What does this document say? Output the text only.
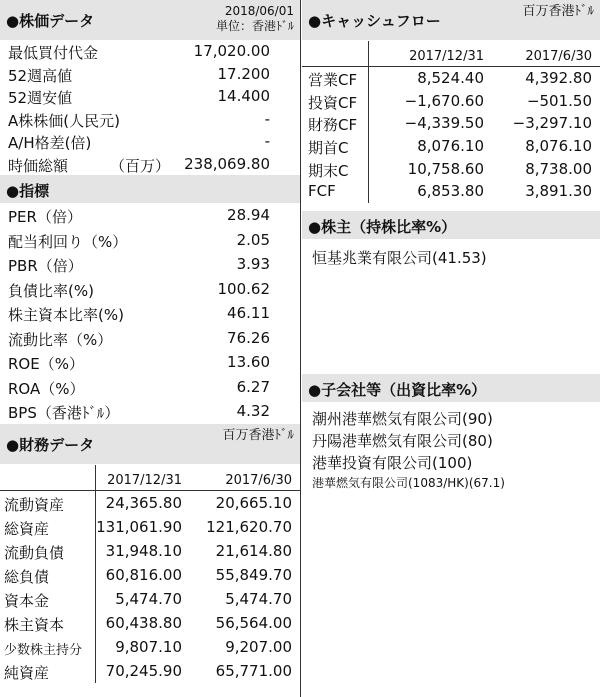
●株価データ
2018/06/01
単位：香港ﾄﾞﾙ
最低買付代金	17,020.00
52週高値	17.200
52週安値	14.400
A株株価(人民元)	-
A/H格差(倍)	-
時価総額	（百万） 238,069.80
●指標
PER（倍）	28.94
配当利回り（%）	2.05
PBR（倍）	3.93
負債比率(%)	100.62
株主資本比率(%)	46.11
流動比率（%）	76.26
ROE（%）	13.60
ROA（%）	6.27
BPS（香港ﾄﾞﾙ）	4.32
●財務データ
百万香港ﾄﾞﾙ
2017/12/31	2017/6/30
流動資産	24,365.80 20,665.10
総資産	131,061.90 121,620.70
流動負債	31,948.10 21,614.80
総負債	60,816.00 55,849.70
資本金	5,474.70	5,474.70
株主資本	60,438.80 56,564.00
少数株主持分 9,807.10	9,207.00
純資産	70,245.90 65,771.00
●キャッシュフロー
百万香港ﾄﾞﾙ
2017/12/31	2017/6/30
営業CF	8,524.40	4,392.80
投資CF	−1,670.60	−501.50
財務CF	−4,339.50 −3,297.10
期首C	8,076.10	8,076.10
期末C	10,758.60	8,738.00
FCF	6,853.80	3,891.30
●株主（持株比率%）
恒基兆業有限公司(41.53)
●子会社等（出資比率%）
潮州港華燃気有限公司(90)
丹陽港華燃気有限公司(80)
港華投資有限公司(100)
港華燃気有限公司(1083/HK)(67.1)
